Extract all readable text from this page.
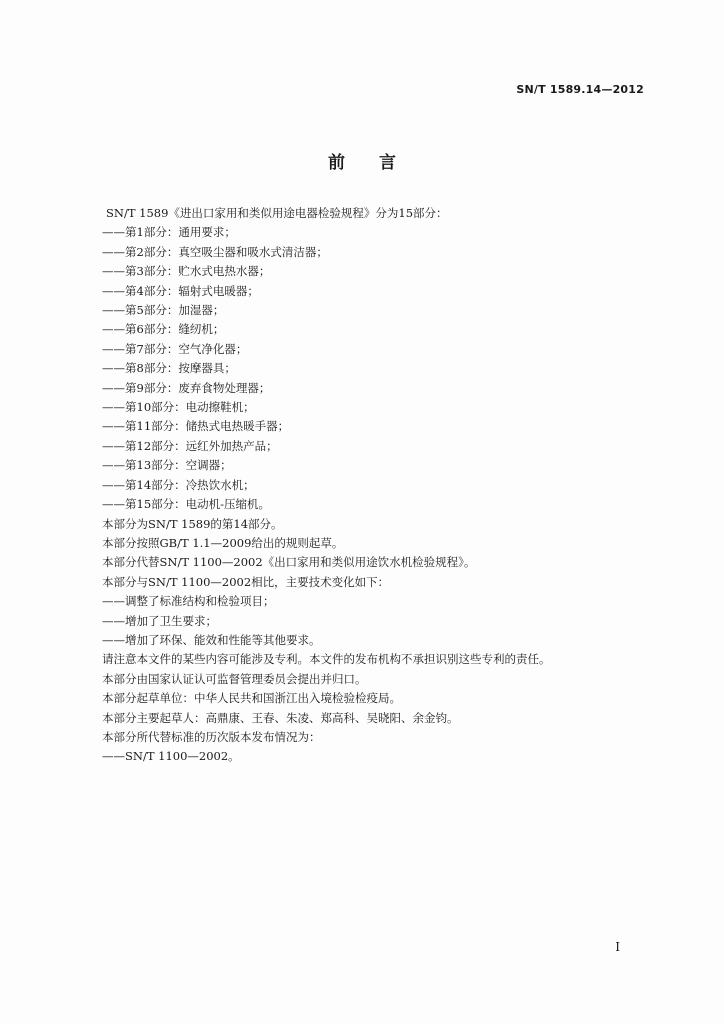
SN/T 1589.14—2012
前言
SN/T 1589《进出口家用和类似用途电器检验规程》分为15部分：
——第1部分：通用要求；
——第2部分：真空吸尘器和吸水式清洁器；
——第3部分：贮水式电热水器；
——第4部分：辐射式电暖器；
——第5部分：加湿器；
——第6部分：缝纫机；
——第7部分：空气净化器；
——第8部分：按摩器具；
——第9部分：废弃食物处理器；
——第10部分：电动擦鞋机；
——第11部分：储热式电热暖手器；
——第12部分：远红外加热产品；
——第13部分：空调器；
——第14部分：冷热饮水机；
——第15部分：电动机-压缩机。
本部分为SN/T 1589的第14部分。
本部分按照GB/T 1.1—2009给出的规则起草。
本部分代替SN/T 1100—2002《出口家用和类似用途饮水机检验规程》。
本部分与SN/T 1100—2002相比，主要技术变化如下：
——调整了标准结构和检验项目；
——增加了卫生要求；
——增加了环保、能效和性能等其他要求。
请注意本文件的某些内容可能涉及专利。本文件的发布机构不承担识别这些专利的责任。
本部分由国家认证认可监督管理委员会提出并归口。
本部分起草单位：中华人民共和国浙江出入境检验检疫局。
本部分主要起草人：高鼎康、王春、朱凌、郑高科、吴晓阳、余金钧。
本部分所代替标准的历次版本发布情况为：
——SN/T 1100—2002。
I
